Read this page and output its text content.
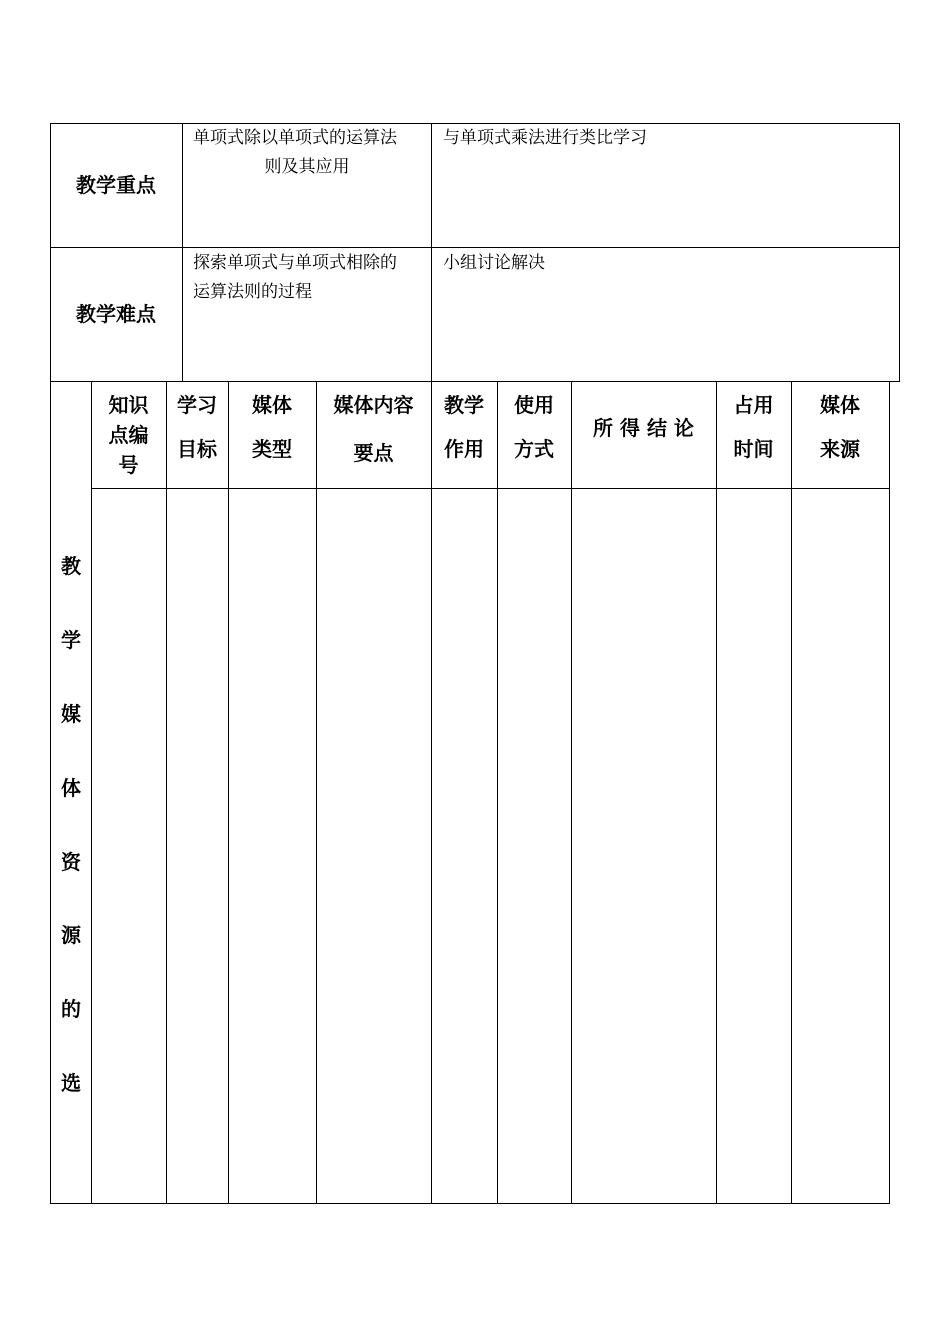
教学重点
单项式除以单项式的运算法
则及其应用
与单项式乘法进行类比学习
教学难点
探索单项式与单项式相除的
运算法则的过程
小组讨论解决
知识
点编
号
学习
目标
媒体
类型
媒体内容
要点
教学
作用
使用
方式
所 得 结 论
占用
时间
媒体
来源
教
学
媒
体
资
源
的
选
